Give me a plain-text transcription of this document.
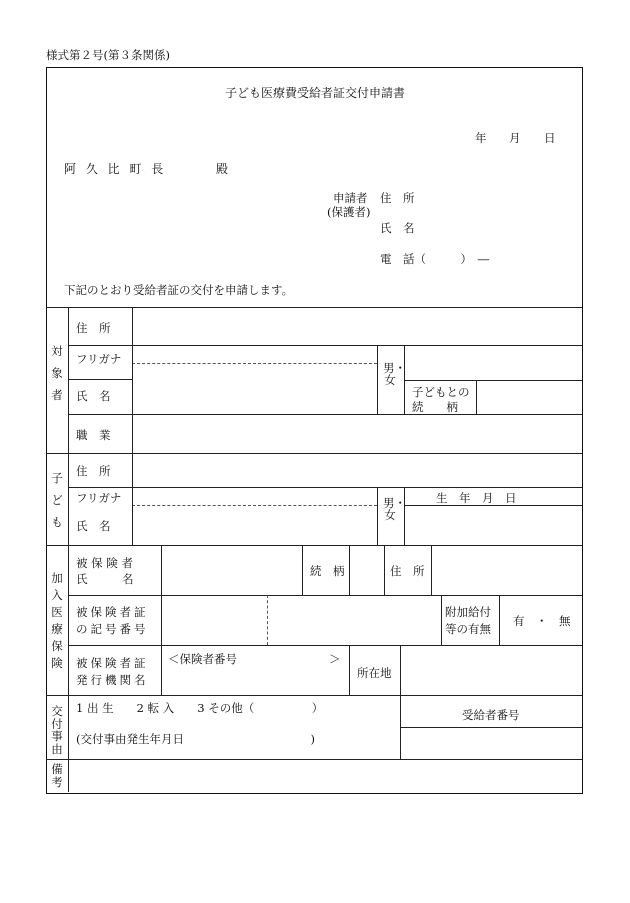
様式第２号(第３条関係)
子ども医療費受給者証交付申請書
年 月 日
阿 久 比 町 長	殿
申請者
(保護者)
住　所
氏　名
電　話（　　　）　―
下記のとおり受給者証の交付を申請します。
対象者
住　所
フリガナ
氏　名
男・女
子どもとの
続　　柄
職　業
子ども
住　所
フリガナ
氏　名
男・女
生　年　月　日
加入医療保険
被 保 険 者
氏　　　名
続　柄	住　所
被保険者証
の記号番号
附加給付
等の有無
有　・　無
被保険者証
発行機関名
＜保険者番号　　　　　　　　＞
所在地
交付事由
1 出 生　　2 転 入　　3 その他（　　　　　）
(交付事由発生年月日　　　　　　　　　　　)
受給者番号
備考
